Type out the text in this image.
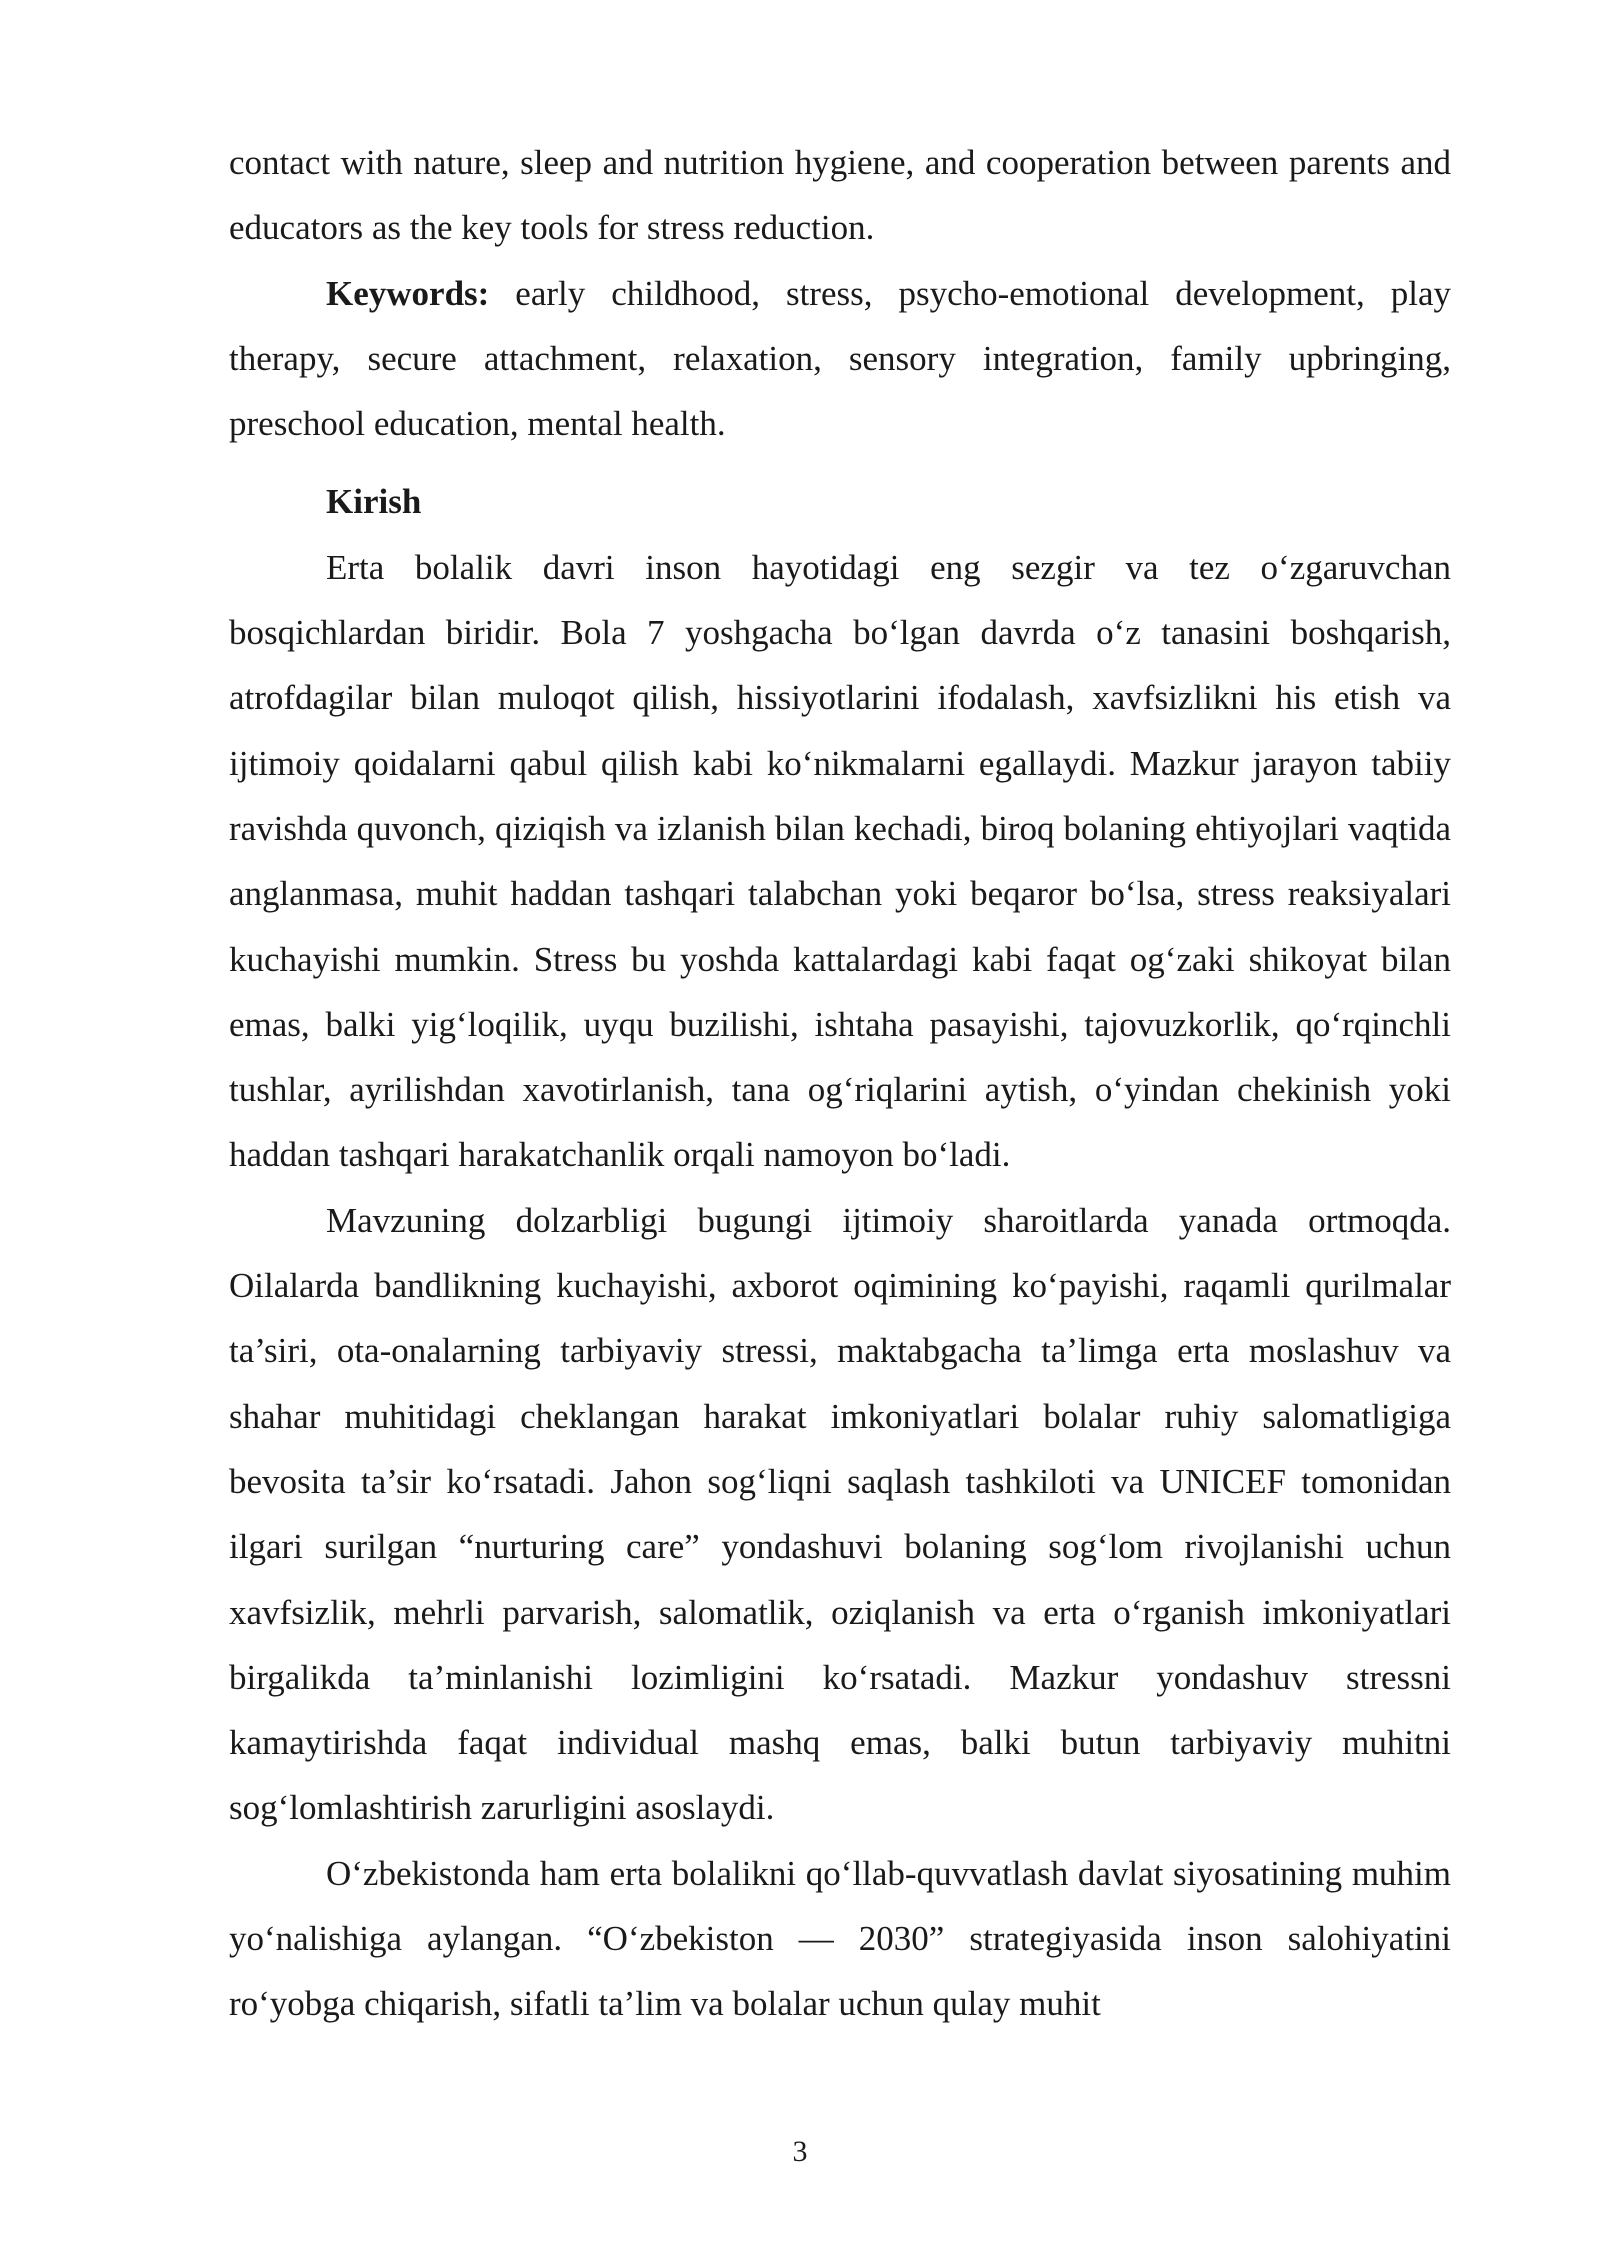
contact with nature, sleep and nutrition hygiene, and cooperation between parents and educators as the key tools for stress reduction.

Keywords: early childhood, stress, psycho-emotional development, play therapy, secure attachment, relaxation, sensory integration, family upbringing, preschool education, mental health.

Kirish

Erta bolalik davri inson hayotidagi eng sezgir va tez o‘zgaruvchan bosqichlardan biridir. Bola 7 yoshgacha bo‘lgan davrda o‘z tanasini boshqarish, atrofdagilar bilan muloqot qilish, hissiyotlarini ifodalash, xavfsizlikni his etish va ijtimoiy qoidalarni qabul qilish kabi ko‘nikmalarni egallaydi. Mazkur jarayon tabiiy ravishda quvonch, qiziqish va izlanish bilan kechadi, biroq bolaning ehtiyojlari vaqtida anglanmasa, muhit haddan tashqari talabchan yoki beqaror bo‘lsa, stress reaksiyalari kuchayishi mumkin. Stress bu yoshda kattalardagi kabi faqat og‘zaki shikoyat bilan emas, balki yig‘loqilik, uyqu buzilishi, ishtaha pasayishi, tajovuzkorlik, qo‘rqinchli tushlar, ayrilishdan xavotirlanish, tana og‘riqlarini aytish, o‘yindan chekinish yoki haddan tashqari harakatchanlik orqali namoyon bo‘ladi.

Mavzuning dolzarbligi bugungi ijtimoiy sharoitlarda yanada ortmoqda. Oilalarda bandlikning kuchayishi, axborot oqimining ko‘payishi, raqamli qurilmalar ta’siri, ota-onalarning tarbiyaviy stressi, maktabgacha ta’limga erta moslashuv va shahar muhitidagi cheklangan harakat imkoniyatlari bolalar ruhiy salomatligiga bevosita ta’sir ko‘rsatadi. Jahon sog‘liqni saqlash tashkiloti va UNICEF tomonidan ilgari surilgan “nurturing care” yondashuvi bolaning sog‘lom rivojlanishi uchun xavfsizlik, mehrli parvarish, salomatlik, oziqlanish va erta o‘rganish imkoniyatlari birgalikda ta’minlanishi lozimligini ko‘rsatadi. Mazkur yondashuv stressni kamaytirishda faqat individual mashq emas, balki butun tarbiyaviy muhitni sog‘lomlashtirish zarurligini asoslaydi.

O‘zbekistonda ham erta bolalikni qo‘llab-quvvatlash davlat siyosatining muhim yo‘nalishiga aylangan. “O‘zbekiston — 2030” strategiyasida inson salohiyatini ro‘yobga chiqarish, sifatli ta’lim va bolalar uchun qulay muhit

3
